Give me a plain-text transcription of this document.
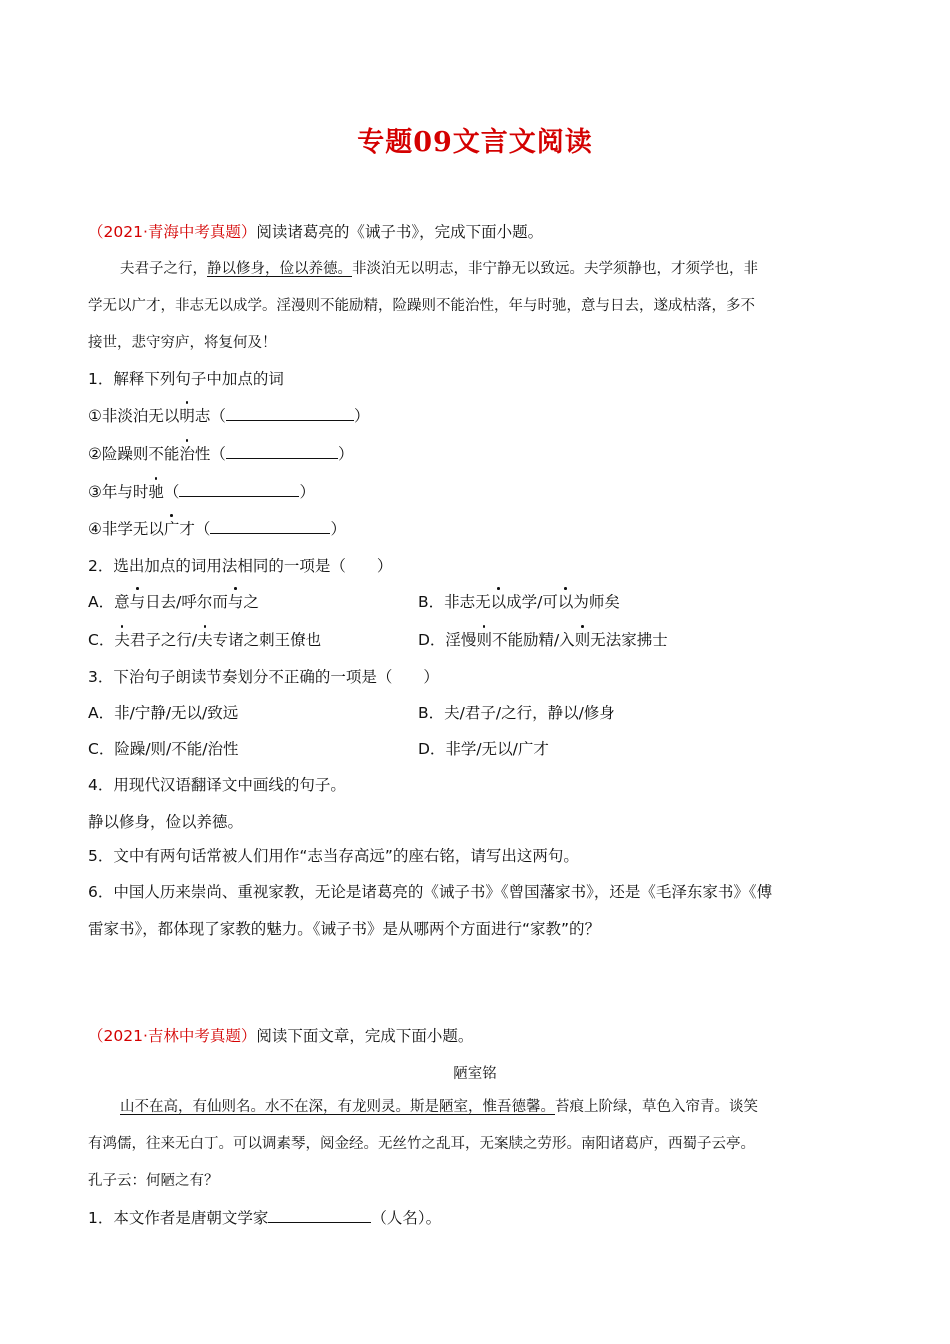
专题09文言文阅读
（2021·青海中考真题）阅读诸葛亮的《诫子书》，完成下面小题。
夫君子之行，静以修身，俭以养德。非淡泊无以明志，非宁静无以致远。夫学须静也，才须学也，非
学无以广才，非志无以成学。淫漫则不能励精，险躁则不能治性，年与时驰，意与日去，遂成枯落，多不
接世，悲守穷庐，将复何及！
1．解释下列句子中加点的词
①非淡泊无以明志（	）
②险躁则不能治性（	）
③年与时驰（	）
④非学无以广才（	）
2．选出加点的词用法相同的一项是（　　）
A．意与日去/呼尔而与之	B．非志无以成学/可以为师矣
C．夫君子之行/夫专诸之刺王僚也	D．淫慢则不能励精/入则无法家拂士
3．下治句子朗读节奏划分不正确的一项是（　　）
A．非/宁静/无以/致远	B．夫/君子/之行，静以/修身
C．险躁/则/不能/治性	D．非学/无以/广才
4．用现代汉语翻译文中画线的句子。
静以修身，俭以养德。
5．文中有两句话常被人们用作“志当存高远”的座右铭，请写出这两句。
6．中国人历来崇尚、重视家教，无论是诸葛亮的《诫子书》《曾国藩家书》，还是《毛泽东家书》《傅
雷家书》，都体现了家教的魅力。《诫子书》是从哪两个方面进行“家教”的？
（2021·吉林中考真题）阅读下面文章，完成下面小题。
陋室铭
山不在高，有仙则名。水不在深，有龙则灵。斯是陋室，惟吾德馨。苔痕上阶绿，草色入帘青。谈笑
有鸿儒，往来无白丁。可以调素琴，阅金经。无丝竹之乱耳，无案牍之劳形。南阳诸葛庐，西蜀子云亭。
孔子云：何陋之有？
1．本文作者是唐朝文学家	（人名）。
